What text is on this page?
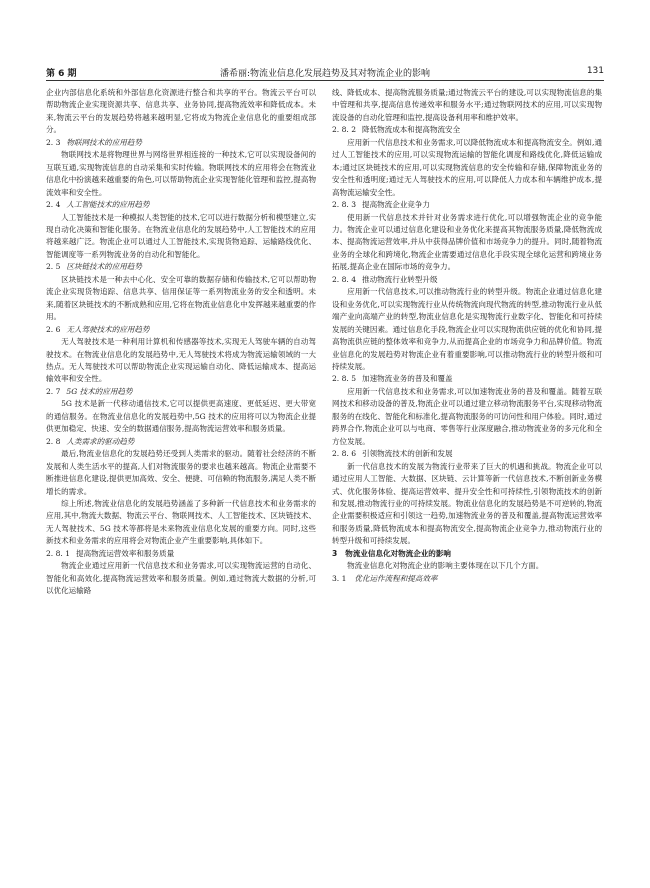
第 6 期	潘希丽:物流业信息化发展趋势及其对物流企业的影响	131

企业内部信息化系统和外部信息化资源进行整合和共享的平台。物流云平台可以帮助物流企业实现资源共享、信息共享、业务协同,提高物流效率和降低成本。未来,物流云平台的发展趋势将越来越明显,它将成为物流企业信息化的重要组成部分。

2. 3 物联网技术的应用趋势

物联网技术是将物理世界与网络世界相连接的一种技术,它可以实现设备间的互联互通,实现物流信息的自动采集和实时传输。物联网技术的应用将会在物流业信息化中扮演越来越重要的角色,可以帮助物流企业实现智能化管理和监控,提高物流效率和安全性。

2. 4 人工智能技术的应用趋势

人工智能技术是一种模拟人类智能的技术,它可以进行数据分析和模型建立,实现自动化决策和智能化服务。在物流业信息化的发展趋势中,人工智能技术的应用将越来越广泛。物流企业可以通过人工智能技术,实现货物追踪、运输路线优化、智能调度等一系列物流业务的自动化和智能化。

2. 5 区块链技术的应用趋势

区块链技术是一种去中心化、安全可靠的数据存储和传输技术,它可以帮助物流企业实现货物追踪、信息共享、信用保证等一系列物流业务的安全和透明。未来,随着区块链技术的不断成熟和应用,它将在物流业信息化中发挥越来越重要的作用。

2. 6 无人驾驶技术的应用趋势

无人驾驶技术是一种利用计算机和传感器等技术,实现无人驾驶车辆的自动驾驶技术。在物流业信息化的发展趋势中,无人驾驶技术将成为物流运输领域的一大热点。无人驾驶技术可以帮助物流企业实现运输自动化、降低运输成本、提高运输效率和安全性。

2. 7 5G 技术的应用趋势

5G 技术是新一代移动通信技术,它可以提供更高速度、更低延迟、更大带宽的通信服务。在物流业信息化的发展趋势中,5G 技术的应用将可以为物流企业提供更加稳定、快速、安全的数据通信服务,提高物流运营效率和服务质量。

2. 8 人类需求的驱动趋势

最后,物流业信息化的发展趋势还受到人类需求的驱动。随着社会经济的不断发展和人类生活水平的提高,人们对物流服务的要求也越来越高。物流企业需要不断推进信息化建设,提供更加高效、安全、便捷、可信赖的物流服务,满足人类不断增长的需求。

综上所述,物流业信息化的发展趋势涵盖了多种新一代信息技术和业务需求的应用,其中,物流大数据、物流云平台、物联网技术、人工智能技术、区块链技术、无人驾驶技术、5G 技术等都将是未来物流业信息化发展的重要方向。同时,这些新技术和业务需求的应用将会对物流企业产生重要影响,具体如下。

2. 8. 1 提高物流运营效率和服务质量

物流企业通过应用新一代信息技术和业务需求,可以实现物流运营的自动化、智能化和高效化,提高物流运营效率和服务质量。例如,通过物流大数据的分析,可以优化运输路

线、降低成本、提高物流服务质量;通过物流云平台的建设,可以实现物流信息的集中管理和共享,提高信息传递效率和服务水平;通过物联网技术的应用,可以实现物流设备的自动化管理和监控,提高设备利用率和维护效率。

2. 8. 2 降低物流成本和提高物流安全

应用新一代信息技术和业务需求,可以降低物流成本和提高物流安全。例如,通过人工智能技术的应用,可以实现物流运输的智能化调度和路线优化,降低运输成本;通过区块链技术的应用,可以实现物流信息的安全传输和存储,保障物流业务的安全性和透明度;通过无人驾驶技术的应用,可以降低人力成本和车辆维护成本,提高物流运输安全性。

2. 8. 3 提高物流企业竞争力

使用新一代信息技术并针对业务需求进行优化,可以增强物流企业的竞争能力。物流企业可以通过信息化建设和业务优化来提高其物流服务质量,降低物流成本、提高物流运营效率,并从中获得品牌价值和市场竞争力的提升。同时,随着物流业务的全球化和跨境化,物流企业需要通过信息化手段实现全球化运营和跨境业务拓展,提高企业在国际市场的竞争力。

2. 8. 4 推动物流行业转型升级

应用新一代信息技术,可以推动物流行业的转型升级。物流企业通过信息化建设和业务优化,可以实现物流行业从传统物流向现代物流的转型,推动物流行业从低端产业向高端产业的转型,物流业信息化是实现物流行业数字化、智能化和可持续发展的关键因素。通过信息化手段,物流企业可以实现物流供应链的优化和协同,提高物流供应链的整体效率和竞争力,从而提高企业的市场竞争力和品牌价值。物流业信息化的发展趋势对物流企业有着重要影响,可以推动物流行业的转型升级和可持续发展。

2. 8. 5 加速物流业务的普及和覆盖

应用新一代信息技术和业务需求,可以加速物流业务的普及和覆盖。随着互联网技术和移动设备的普及,物流企业可以通过建立移动物流服务平台,实现移动物流服务的在线化、智能化和标准化,提高物流服务的可访问性和用户体验。同时,通过跨界合作,物流企业可以与电商、零售等行业深度融合,推动物流业务的多元化和全方位发展。

2. 8. 6 引领物流技术的创新和发展

新一代信息技术的发展为物流行业带来了巨大的机遇和挑战。物流企业可以通过应用人工智能、大数据、区块链、云计算等新一代信息技术,不断创新业务模式、优化服务体验、提高运营效率、提升安全性和可持续性,引领物流技术的创新和发展,推动物流行业的可持续发展。物流业信息化的发展趋势是不可逆转的,物流企业需要积极适应和引领这一趋势,加速物流业务的普及和覆盖,提高物流运营效率和服务质量,降低物流成本和提高物流安全,提高物流企业竞争力,推动物流行业的转型升级和可持续发展。

3 物流业信息化对物流企业的影响

物流业信息化对物流企业的影响主要体现在以下几个方面。

3. 1 优化运作流程和提高效率
